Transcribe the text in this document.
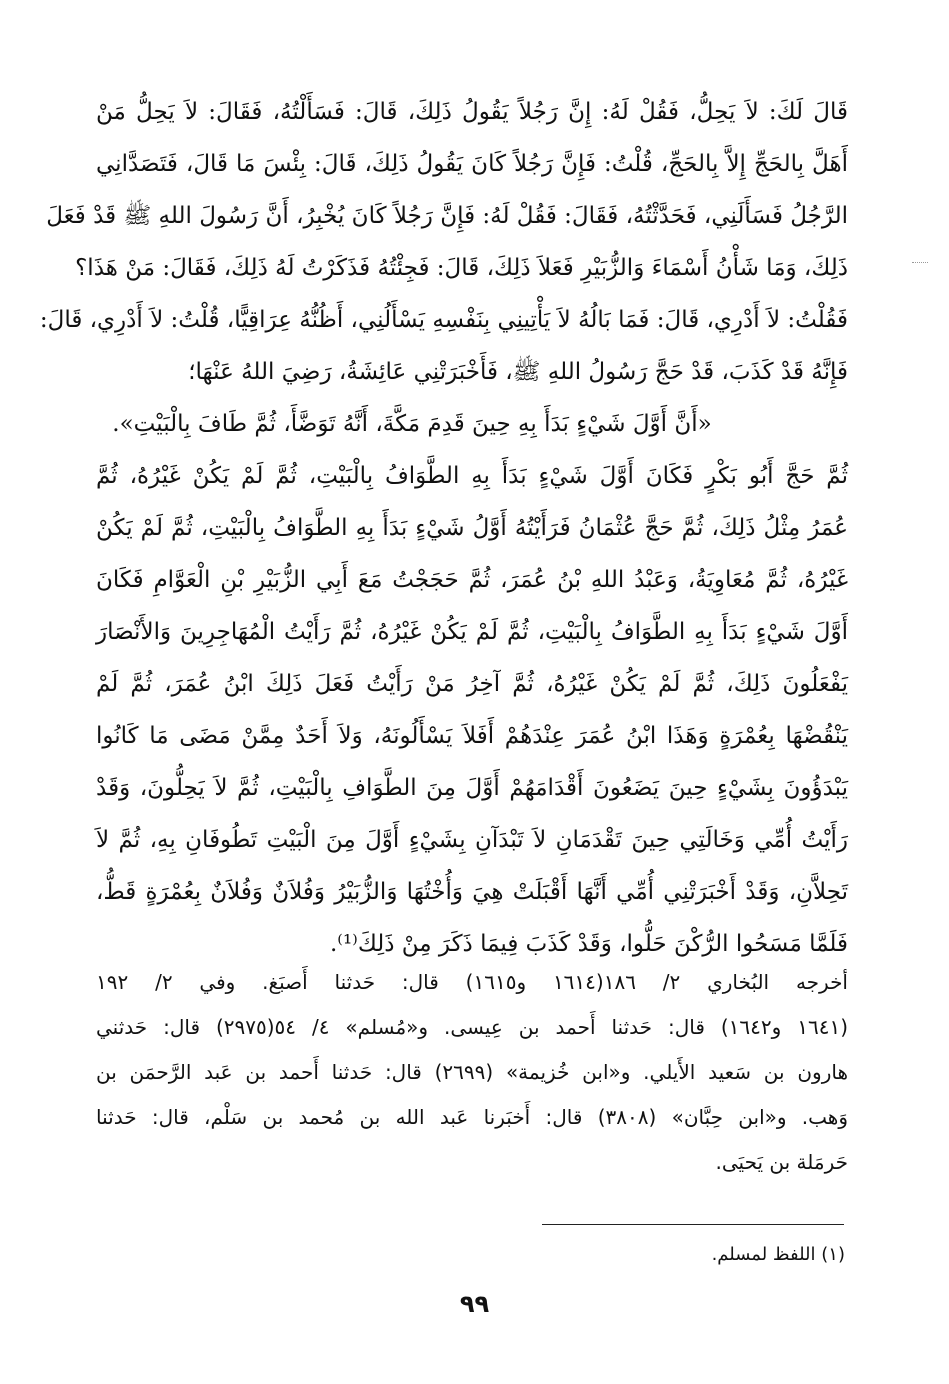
قَالَ لَكَ: لاَ يَحِلُّ، فَقُلْ لَهُ: إِنَّ رَجُلاً يَقُولُ ذَلِكَ، قَالَ: فَسَأَلْتُهُ، فَقَالَ: لاَ يَحِلُّ مَنْ
أَهَلَّ بِالحَجِّ إِلاَّ بِالحَجِّ، قُلْتُ: فَإِنَّ رَجُلاً كَانَ يَقُولُ ذَلِكَ، قَالَ: بِئْسَ مَا قَالَ، فَتَصَدَّانِي
الرَّجُلُ فَسَأَلَنِي، فَحَدَّثْتُهُ، فَقَالَ: فَقُلْ لَهُ: فَإِنَّ رَجُلاً كَانَ يُخْبِرُ، أَنَّ رَسُولَ اللهِ ﷺ قَدْ فَعَلَ
ذَلِكَ، وَمَا شَأْنُ أَسْمَاءَ وَالزُّبَيْرِ فَعَلاَ ذَلِكَ، قَالَ: فَجِئْتُهُ فَذَكَرْتُ لَهُ ذَلِكَ، فَقَالَ: مَنْ هَذَا؟
فَقُلْتُ: لاَ أَدْرِي، قَالَ: فَمَا بَالُهُ لاَ يَأْتِينِي بِنَفْسِهِ يَسْأَلُنِي، أَظُنُّهُ عِرَاقِيًّا، قُلْتُ: لاَ أَدْرِي، قَالَ:
فَإِنَّهُ قَدْ كَذَبَ، قَدْ حَجَّ رَسُولُ اللهِ ﷺ، فَأَخْبَرَتْنِي عَائِشَةُ، رَضِيَ اللهُ عَنْهَا؛
«أَنَّ أَوَّلَ شَيْءٍ بَدَأَ بِهِ حِينَ قَدِمَ مَكَّةَ، أَنَّهُ تَوَضَّأَ، ثُمَّ طَافَ بِالْبَيْتِ».
ثُمَّ حَجَّ أَبُو بَكْرٍ فَكَانَ أَوَّلَ شَيْءٍ بَدَأَ بِهِ الطَّوَافُ بِالْبَيْتِ، ثُمَّ لَمْ يَكُنْ غَيْرُهُ، ثُمَّ
عُمَرُ مِثْلُ ذَلِكَ، ثُمَّ حَجَّ عُثْمَانُ فَرَأَيْتُهُ أَوَّلُ شَيْءٍ بَدَأَ بِهِ الطَّوَافُ بِالْبَيْتِ، ثُمَّ لَمْ يَكُنْ
غَيْرُهُ، ثُمَّ مُعَاوِيَةُ، وَعَبْدُ اللهِ بْنُ عُمَرَ، ثُمَّ حَجَجْتُ مَعَ أَبِي الزُّبَيْرِ بْنِ الْعَوَّامِ فَكَانَ
أَوَّلَ شَيْءٍ بَدَأَ بِهِ الطَّوَافُ بِالْبَيْتِ، ثُمَّ لَمْ يَكُنْ غَيْرُهُ، ثُمَّ رَأَيْتُ الْمُهَاجِرِينَ وَالأَنْصَارَ
يَفْعَلُونَ ذَلِكَ، ثُمَّ لَمْ يَكُنْ غَيْرُهُ، ثُمَّ آخِرُ مَنْ رَأَيْتُ فَعَلَ ذَلِكَ ابْنُ عُمَرَ، ثُمَّ لَمْ
يَنْقُضْهَا بِعُمْرَةٍ وَهَذَا ابْنُ عُمَرَ عِنْدَهُمْ أَفَلاَ يَسْأَلُونَهُ، وَلاَ أَحَدٌ مِمَّنْ مَضَى مَا كَانُوا
يَبْدَؤُونَ بِشَيْءٍ حِينَ يَضَعُونَ أَقْدَامَهُمْ أَوَّلَ مِنَ الطَّوَافِ بِالْبَيْتِ، ثُمَّ لاَ يَحِلُّونَ، وَقَدْ
رَأَيْتُ أُمِّي وَخَالَتِي حِينَ تَقْدَمَانِ لاَ تَبْدَآنِ بِشَيْءٍ أَوَّلَ مِنَ الْبَيْتِ تَطُوفَانِ بِهِ، ثُمَّ لاَ
تَحِلاَّنِ، وَقَدْ أَخْبَرَتْنِي أُمِّي أَنَّهَا أَقْبَلَتْ هِيَ وَأُخْتُهَا وَالزُّبَيْرُ وَفُلاَنٌ وَفُلاَنٌ بِعُمْرَةٍ قَطُّ،
فَلَمَّا مَسَحُوا الرُّكْنَ حَلُّوا، وَقَدْ كَذَبَ فِيمَا ذَكَرَ مِنْ ذَلِكَ⁽¹⁾.
أخرجه البُخاري ٢/ ١٨٦(١٦١٤ و١٦١٥) قال: حَدثنا أَصبَغ. وفي ٢/ ١٩٢
(١٦٤١ و١٦٤٢) قال: حَدثنا أَحمد بن عِيسى. و«مُسلم» ٤/ ٥٤(٢٩٧٥) قال: حَدثني
هارون بن سَعيد الأَيلي. و«ابن خُزيمة» (٢٦٩٩) قال: حَدثنا أَحمد بن عَبد الرَّحمَن بن
وَهب. و«ابن حِبَّان» (٣٨٠٨) قال: أَخبَرنا عَبد الله بن مُحمد بن سَلْم، قال: حَدثنا
حَرمَلة بن يَحيَى.
(١) اللفظ لمسلم.
٩٩
